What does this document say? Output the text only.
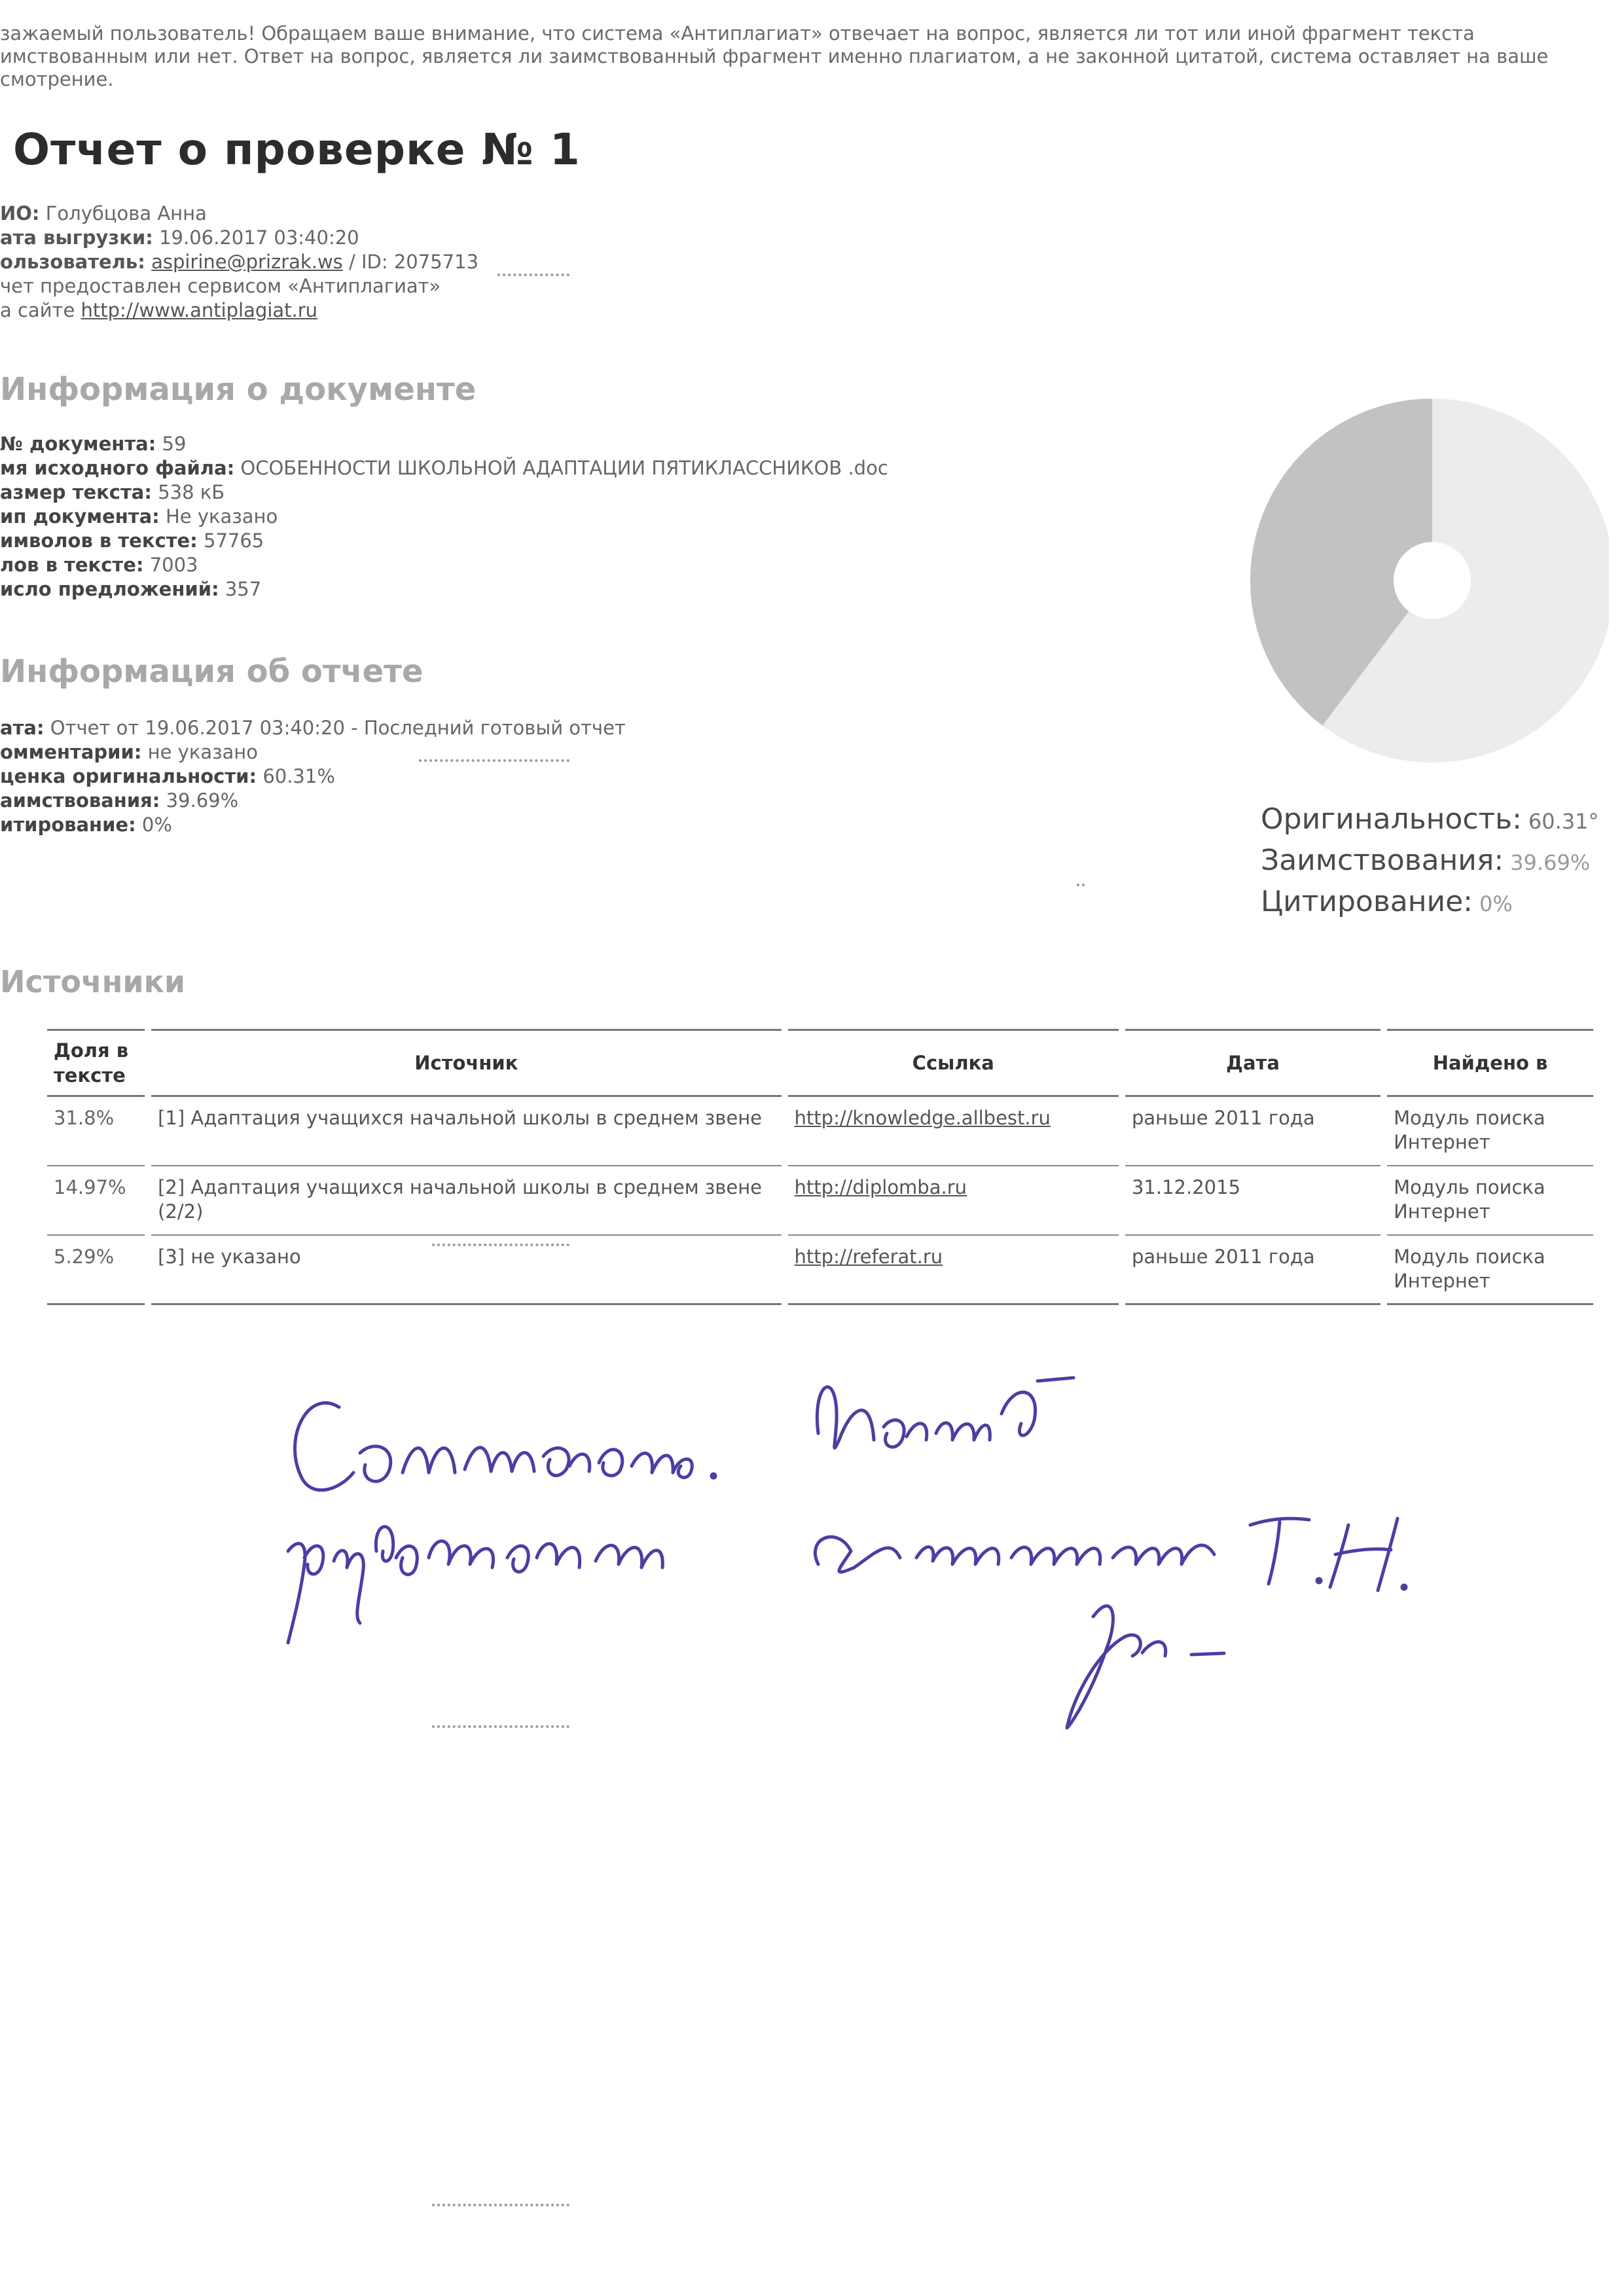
зажаемый пользователь! Обращаем ваше внимание, что система «Антиплагиат» отвечает на вопрос, является ли тот или иной фрагмент текста
имствованным или нет. Ответ на вопрос, является ли заимствованный фрагмент именно плагиатом, а не законной цитатой, система оставляет на ваше
смотрение.
Отчет о проверке № 1
ИО: Голубцова Анна
ата выгрузки: 19.06.2017 03:40:20
ользователь: aspirine@prizrak.ws / ID: 2075713
чет предоставлен сервисом «Антиплагиат»
а сайте http://www.antiplagiat.ru
Информация о документе
№ документа: 59
мя исходного файла: ОСОБЕННОСТИ ШКОЛЬНОЙ АДАПТАЦИИ ПЯТИКЛАССНИКОВ .doc
азмер текста: 538 кБ
ип документа: Не указано
имволов в тексте: 57765
лов в тексте: 7003
исло предложений: 357
Информация об отчете
ата: Отчет от 19.06.2017 03:40:20 - Последний готовый отчет
омментарии: не указано
ценка оригинальности: 60.31%
аимствования: 39.69%
итирование: 0%	Оригинальность: 60.31°
Заимствования: 39.69%
Цитирование: 0%
Источники
Доля в тексте	Источник	Ссылка	Дата	Найдено в
31.8%	[1] Адаптация учащихся начальной школы в среднем звене	http://knowledge.allbest.ru	раньше 2011 года	Модуль поиска Интернет
14.97%	[2] Адаптация учащихся начальной школы в среднем звене (2/2)	http://diplomba.ru	31.12.2015	Модуль поиска Интернет
5.29%	[3] не указано	http://referat.ru	раньше 2011 года	Модуль поиска Интернет
